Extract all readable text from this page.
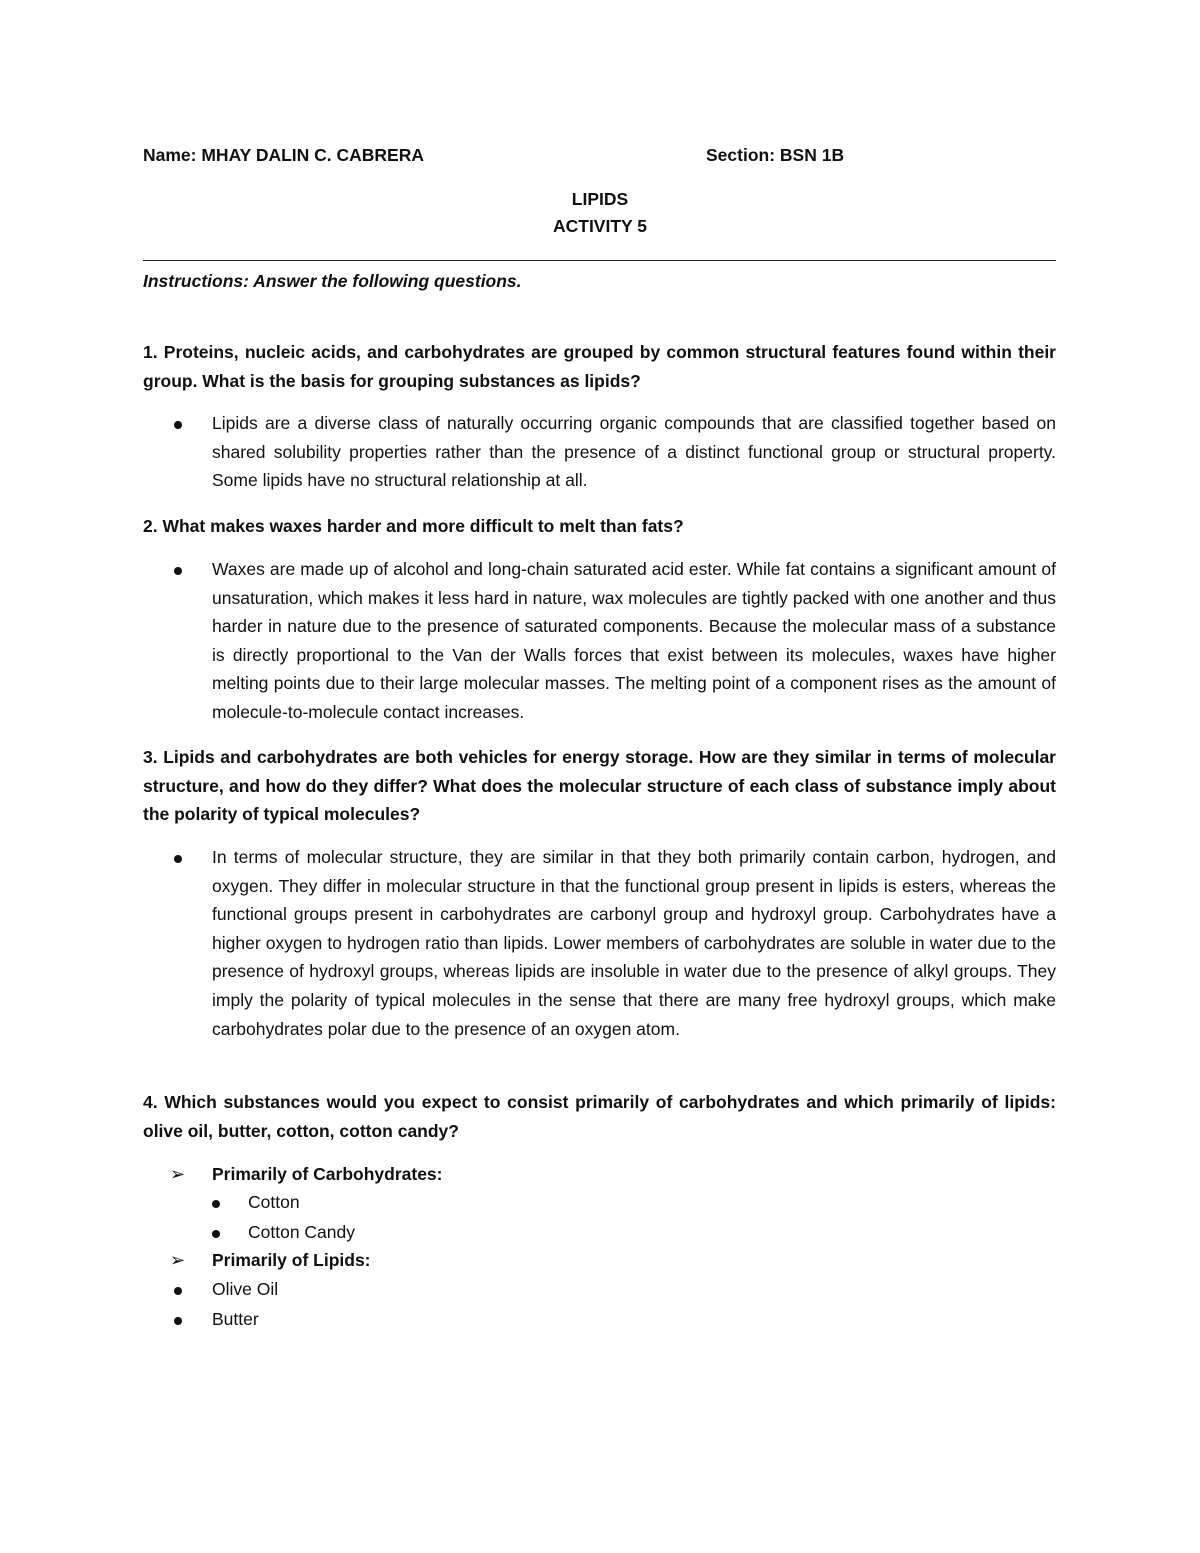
Name: MHAY DALIN C. CABRERA	Section: BSN 1B
LIPIDS
ACTIVITY 5
Instructions: Answer the following questions.
1. Proteins, nucleic acids, and carbohydrates are grouped by common structural features found within their group. What is the basis for grouping substances as lipids?
Lipids are a diverse class of naturally occurring organic compounds that are classified together based on shared solubility properties rather than the presence of a distinct functional group or structural property. Some lipids have no structural relationship at all.
2. What makes waxes harder and more difficult to melt than fats?
Waxes are made up of alcohol and long-chain saturated acid ester. While fat contains a significant amount of unsaturation, which makes it less hard in nature, wax molecules are tightly packed with one another and thus harder in nature due to the presence of saturated components. Because the molecular mass of a substance is directly proportional to the Van der Walls forces that exist between its molecules, waxes have higher melting points due to their large molecular masses. The melting point of a component rises as the amount of molecule-to-molecule contact increases.
3. Lipids and carbohydrates are both vehicles for energy storage. How are they similar in terms of molecular structure, and how do they differ? What does the molecular structure of each class of substance imply about the polarity of typical molecules?
In terms of molecular structure, they are similar in that they both primarily contain carbon, hydrogen, and oxygen. They differ in molecular structure in that the functional group present in lipids is esters, whereas the functional groups present in carbohydrates are carbonyl group and hydroxyl group. Carbohydrates have a higher oxygen to hydrogen ratio than lipids. Lower members of carbohydrates are soluble in water due to the presence of hydroxyl groups, whereas lipids are insoluble in water due to the presence of alkyl groups. They imply the polarity of typical molecules in the sense that there are many free hydroxyl groups, which make carbohydrates polar due to the presence of an oxygen atom.
4. Which substances would you expect to consist primarily of carbohydrates and which primarily of lipids: olive oil, butter, cotton, cotton candy?
➢ Primarily of Carbohydrates:
Cotton
Cotton Candy
➢ Primarily of Lipids:
Olive Oil
Butter
